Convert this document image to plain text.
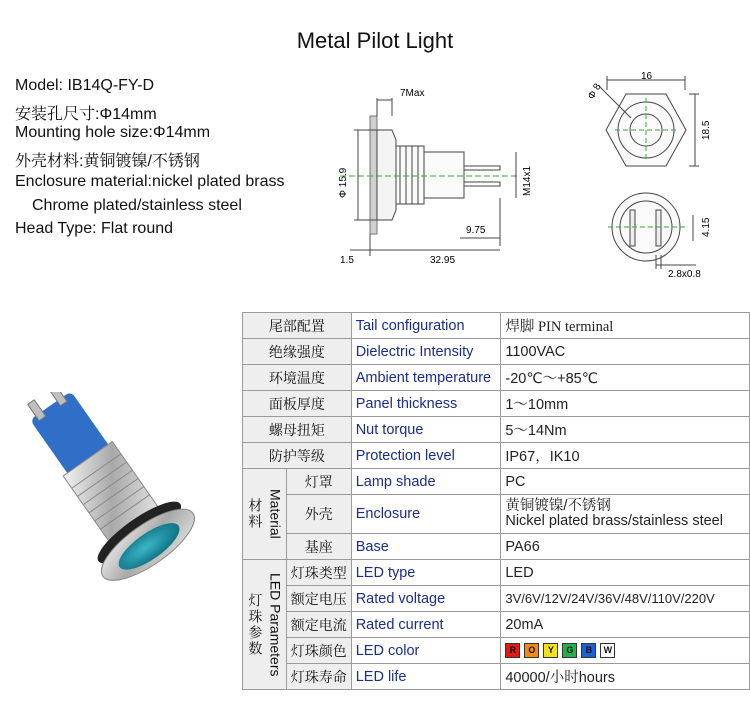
Metal Pilot Light
Model: IB14Q-FY-D
安装孔尺寸:Φ14mm
Mounting hole size:Φ14mm
外壳材料:黄铜镀镍/不锈钢
Enclosure material:nickel plated brass
Chrome plated/stainless steel
Head Type: Flat round
7Max
Φ 15.9	M14x1
9.75
1.5	32.95
16
Φ 8
18.5
4.15
2.8x0.8
尾部配置		Tail configuration	焊脚 PIN terminal
绝缘强度		Dielectric Intensity	1100VAC
环境温度		Ambient temperature	-20℃～+85℃
面板厚度		Panel thickness	1～10mm
螺母扭矩		Nut torque	5～14Nm
防护等级		Protection level	IP67，IK10

材料 Material	灯罩	Lamp shade	PC
	外壳	Enclosure	黄铜镀镍/不锈钢
Nickel plated brass/stainless steel

	基座	Base	PA66

灯珠参数 LED Parameters	灯珠类型	LED type	LED
	额定电压	Rated voltage	3V/6V/12V/24V/36V/48V/110V/220V
	额定电流	Rated current	20mA
	灯珠颜色	LED color	R O Y G B W
	灯珠寿命	LED life	40000/小时hours
